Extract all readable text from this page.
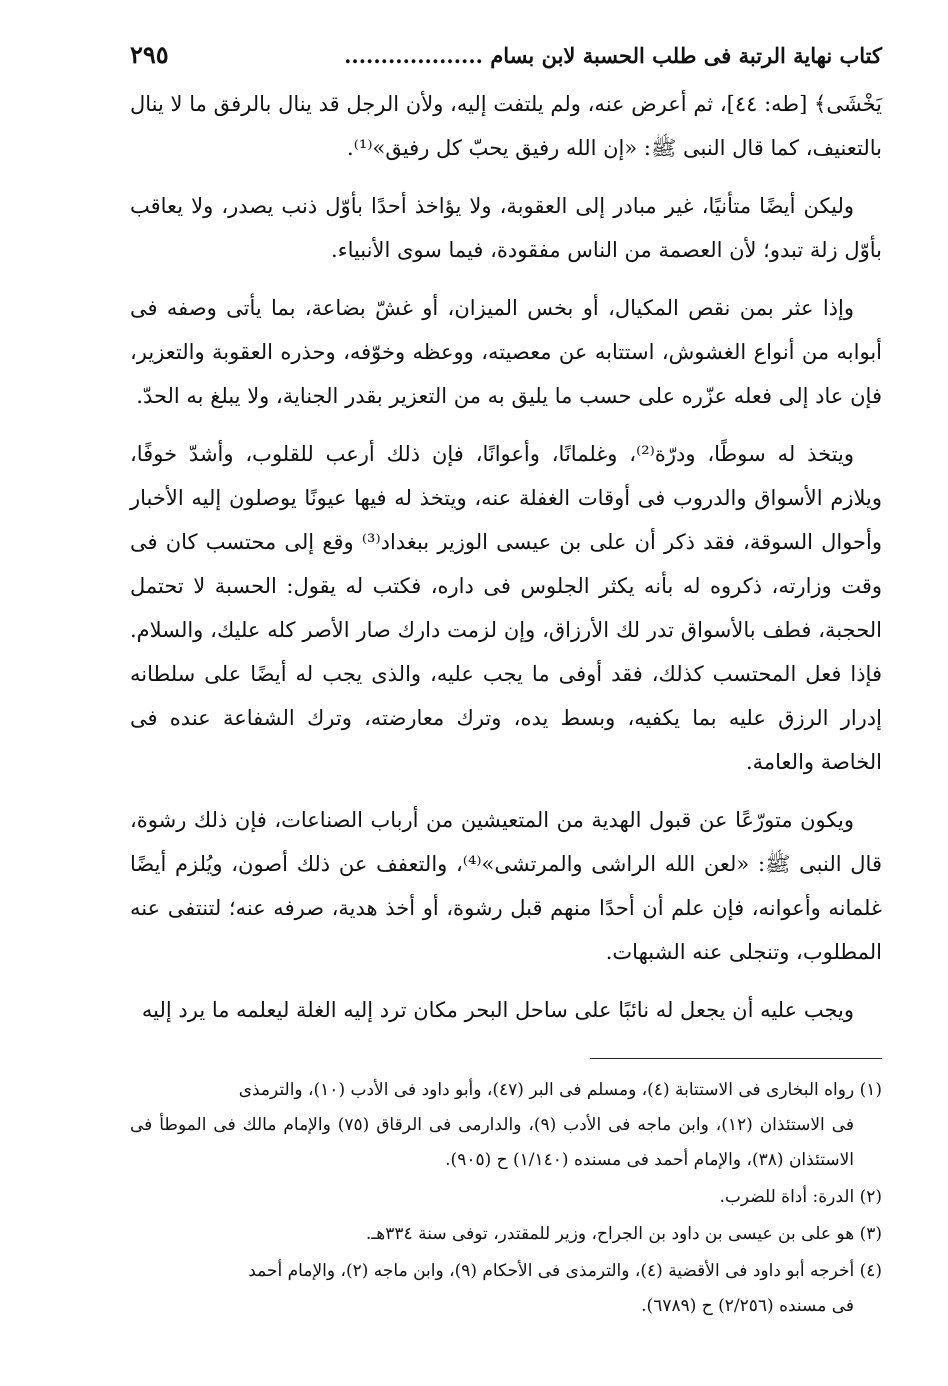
كتاب نهاية الرتبة فى طلب الحسبة لابن بسام ...................
٢٩٥

يَخْشَى﴾ [طه: ٤٤]، ثم أعرض عنه، ولم يلتفت إليه، ولأن الرجل قد ينال بالرفق ما لا ينال بالتعنيف، كما قال النبى ﷺ: «إن الله رفيق يحبّ كل رفيق»⁽¹⁾.

وليكن أيضًا متأنيًا، غير مبادر إلى العقوبة، ولا يؤاخذ أحدًا بأوّل ذنب يصدر، ولا يعاقب بأوّل زلة تبدو؛ لأن العصمة من الناس مفقودة، فيما سوى الأنبياء.

وإذا عثر بمن نقص المكيال، أو بخس الميزان، أو غشّ بضاعة، بما يأتى وصفه فى أبوابه من أنواع الغشوش، استتابه عن معصيته، ووعظه وخوّفه، وحذره العقوبة والتعزير، فإن عاد إلى فعله عزّره على حسب ما يليق به من التعزير بقدر الجناية، ولا يبلغ به الحدّ.

ويتخذ له سوطًا، ودرّة⁽²⁾، وغلمانًا، وأعوانًا، فإن ذلك أرعب للقلوب، وأشدّ خوفًا، ويلازم الأسواق والدروب فى أوقات الغفلة عنه، ويتخذ له فيها عيونًا يوصلون إليه الأخبار وأحوال السوقة، فقد ذكر أن على بن عيسى الوزير ببغداد⁽³⁾ وقع إلى محتسب كان فى وقت وزارته، ذكروه له بأنه يكثر الجلوس فى داره، فكتب له يقول: الحسبة لا تحتمل الحجبة، فطف بالأسواق تدر لك الأرزاق، وإن لزمت دارك صار الأصر كله عليك، والسلام. فإذا فعل المحتسب كذلك، فقد أوفى ما يجب عليه، والذى يجب له أيضًا على سلطانه إدرار الرزق عليه بما يكفيه، وبسط يده، وترك معارضته، وترك الشفاعة عنده فى الخاصة والعامة.

ويكون متورّعًا عن قبول الهدية من المتعيشين من أرباب الصناعات، فإن ذلك رشوة، قال النبى ﷺ: «لعن الله الراشى والمرتشى»⁽⁴⁾، والتعفف عن ذلك أصون، ويُلزم أيضًا غلمانه وأعوانه، فإن علم أن أحدًا منهم قبل رشوة، أو أخذ هدية، صرفه عنه؛ لتنتفى عنه المطلوب، وتنجلى عنه الشبهات.

ويجب عليه أن يجعل له نائبًا على ساحل البحر مكان ترد إليه الغلة ليعلمه ما يرد إليه

(١) رواه البخارى فى الاستتابة (٤)، ومسلم فى البر (٤٧)، وأبو داود فى الأدب (١٠)، والترمذى
فى الاستئذان (١٢)، وابن ماجه فى الأدب (٩)، والدارمى فى الرقاق (٧٥) والإمام مالك فى الموطأ فى الاستئذان (٣٨)، والإمام أحمد فى مسنده (١/١٤٠) ح (٩٠٥).
(٢) الدرة: أداة للضرب.
(٣) هو على بن عيسى بن داود بن الجراح، وزير للمقتدر، توفى سنة ٣٣٤هـ.
(٤) أخرجه أبو داود فى الأقضية (٤)، والترمذى فى الأحكام (٩)، وابن ماجه (٢)، والإمام أحمد
فى مسنده (٢/٢٥٦) ح (٦٧٨٩).
